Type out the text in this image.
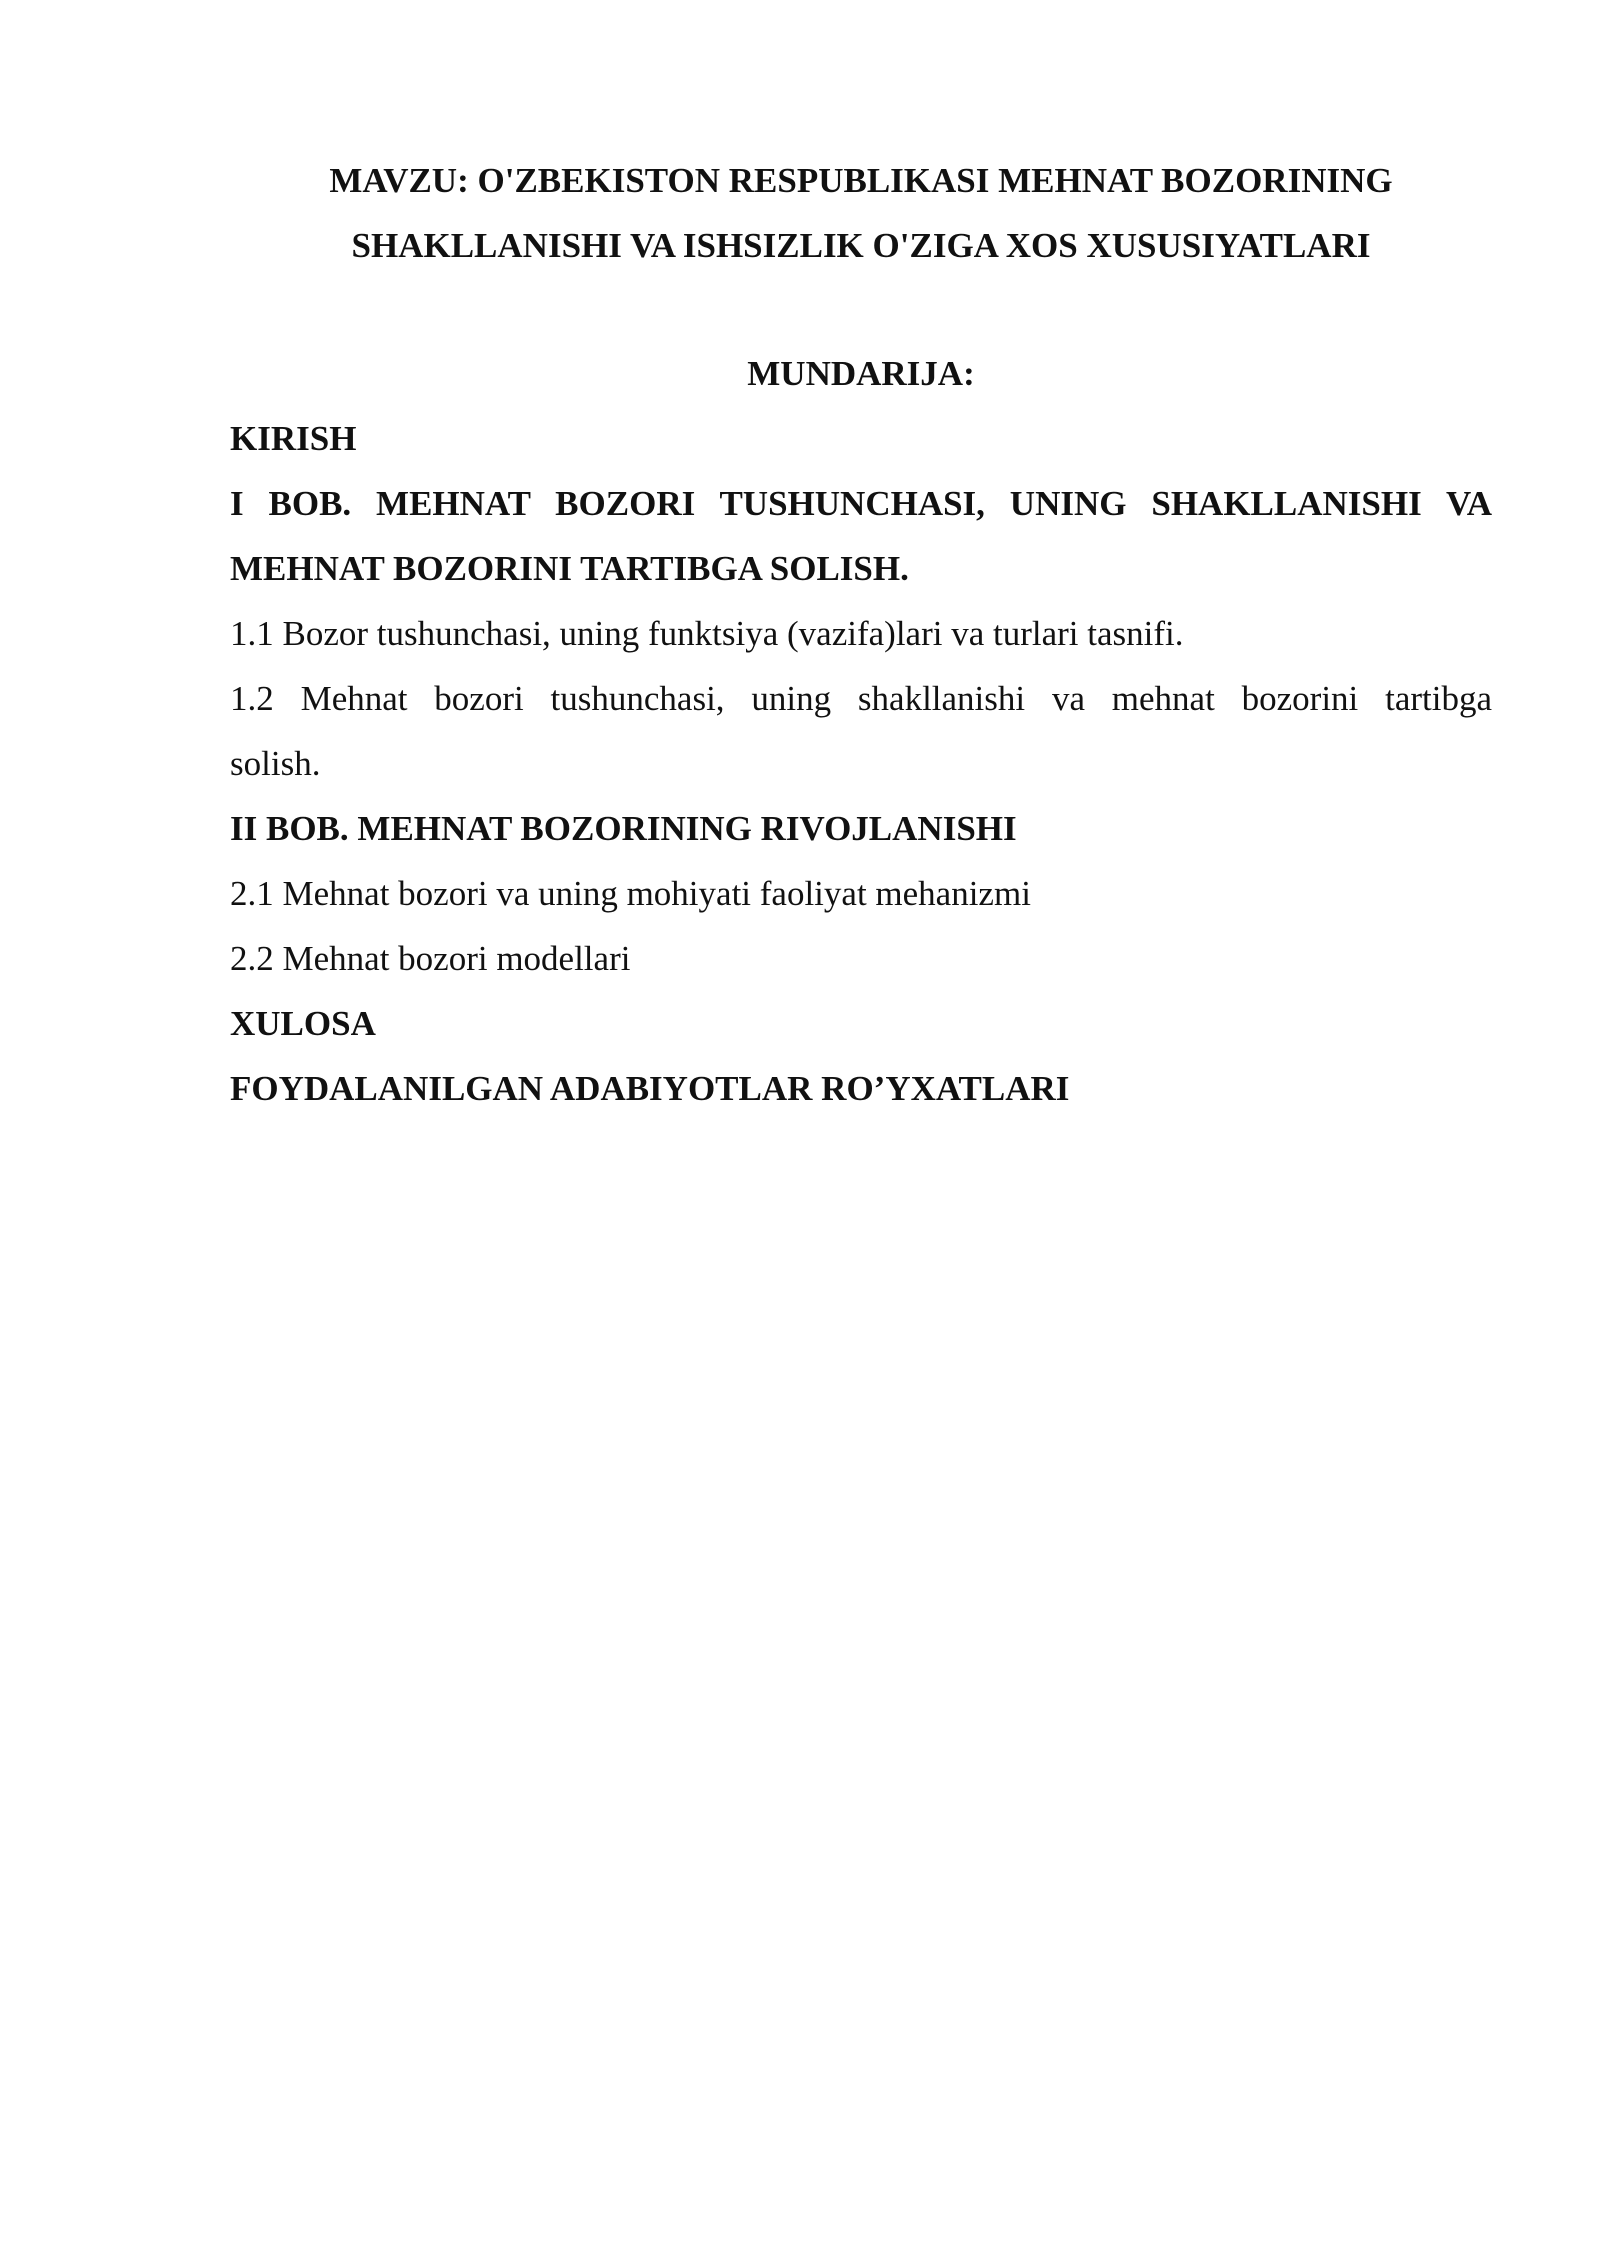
MAVZU: O'ZBEKISTON RESPUBLIKASI MEHNAT BOZORINING
SHAKLLANISHI VA ISHSIZLIK O'ZIGA XOS XUSUSIYATLARI
MUNDARIJA:
KIRISH
I BOB. MEHNAT BOZORI TUSHUNCHASI, UNING SHAKLLANISHI VA
MEHNAT BOZORINI TARTIBGA SOLISH.
1.1 Bozor tushunchasi, uning funktsiya (vazifa)lari va turlari tasnifi.
1.2 Mehnat bozori tushunchasi, uning shakllanishi va mehnat bozorini tartibga
solish.
II BOB. MEHNAT BOZORINING RIVOJLANISHI
2.1 Mehnat bozori va uning mohiyati faoliyat mehanizmi
2.2 Mehnat bozori modellari
XULOSA
FOYDALANILGAN ADABIYOTLAR RO’YXATLARI
